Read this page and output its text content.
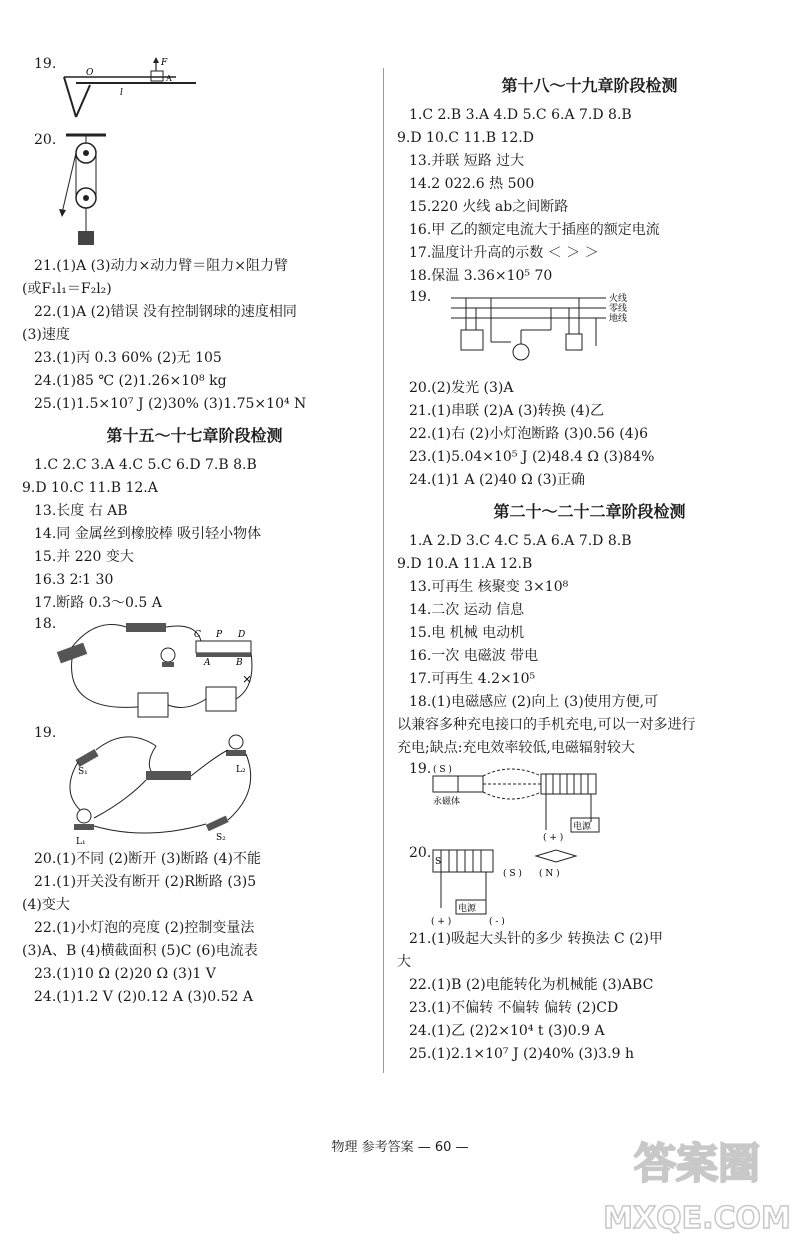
19.	F
O
A
l
20.
21.(1)A (3)动力×动力臂＝阻力×阻力臂
(或F₁l₁＝F₂l₂)
22.(1)A (2)错误 没有控制钢球的速度相同
(3)速度
23.(1)丙 0.3 60% (2)无 105
24.(1)85 ℃ (2)1.26×10⁸ kg
25.(1)1.5×10⁷ J (2)30% (3)1.75×10⁴ N
第十五～十七章阶段检测
1.C 2.C 3.A 4.C 5.C 6.D 7.B 8.B
9.D 10.C 11.B 12.A
13.长度 右 AB
14.同 金属丝到橡胶棒 吸引轻小物体
15.并 220 变大
16.3 2∶1 30
17.断路 0.3～0.5 A
18.
C P D
A	B
×
19.
S₁	L₂
L₁	S₂
20.(1)不同 (2)断开 (3)断路 (4)不能
21.(1)开关没有断开 (2)R断路 (3)5
(4)变大
22.(1)小灯泡的亮度 (2)控制变量法
(3)A、B (4)横截面积 (5)C (6)电流表
23.(1)10 Ω (2)20 Ω (3)1 V
24.(1)1.2 V (2)0.12 A (3)0.52 A
第十八～十九章阶段检测
1.C 2.B 3.A 4.D 5.C 6.A 7.D 8.B
9.D 10.C 11.B 12.D
13.并联 短路 过大
14.2 022.6 热 500
15.220 火线 ab之间断路
16.甲 乙的额定电流大于插座的额定电流
17.温度计升高的示数 ＜ ＞ ＞
18.保温 3.36×10⁵ 70
19.	火线
零线
地线
20.(2)发光 (3)A
21.(1)串联 (2)A (3)转换 (4)乙
22.(1)右 (2)小灯泡断路 (3)0.56 (4)6
23.(1)5.04×10⁵ J (2)48.4 Ω (3)84%
24.(1)1 A (2)40 Ω (3)正确
第二十～二十二章阶段检测
1.A 2.D 3.C 4.C 5.A 6.A 7.D 8.B
9.D 10.A 11.A 12.B
13.可再生 核聚变 3×10⁸
14.二次 运动 信息
15.电 机械 电动机
16.一次 电磁波 带电
17.可再生 4.2×10⁵
18.(1)电磁感应 (2)向上 (3)使用方便,可
以兼容多种充电接口的手机充电,可以一对多进行
充电;缺点:充电效率较低,电磁辐射较大
19. ( S )
永磁体
电源
( + )
20.
S
( S ) ( N )
电源
( + )	( - )
21.(1)吸起大头针的多少 转换法 C (2)甲
大
22.(1)B (2)电能转化为机械能 (3)ABC
23.(1)不偏转 不偏转 偏转 (2)CD
24.(1)乙 (2)2×10⁴ t (3)0.9 A
25.(1)2.1×10⁷ J (2)40% (3)3.9 h
物理 参考答案 — 60 —	答案圈
MXQE.COM
